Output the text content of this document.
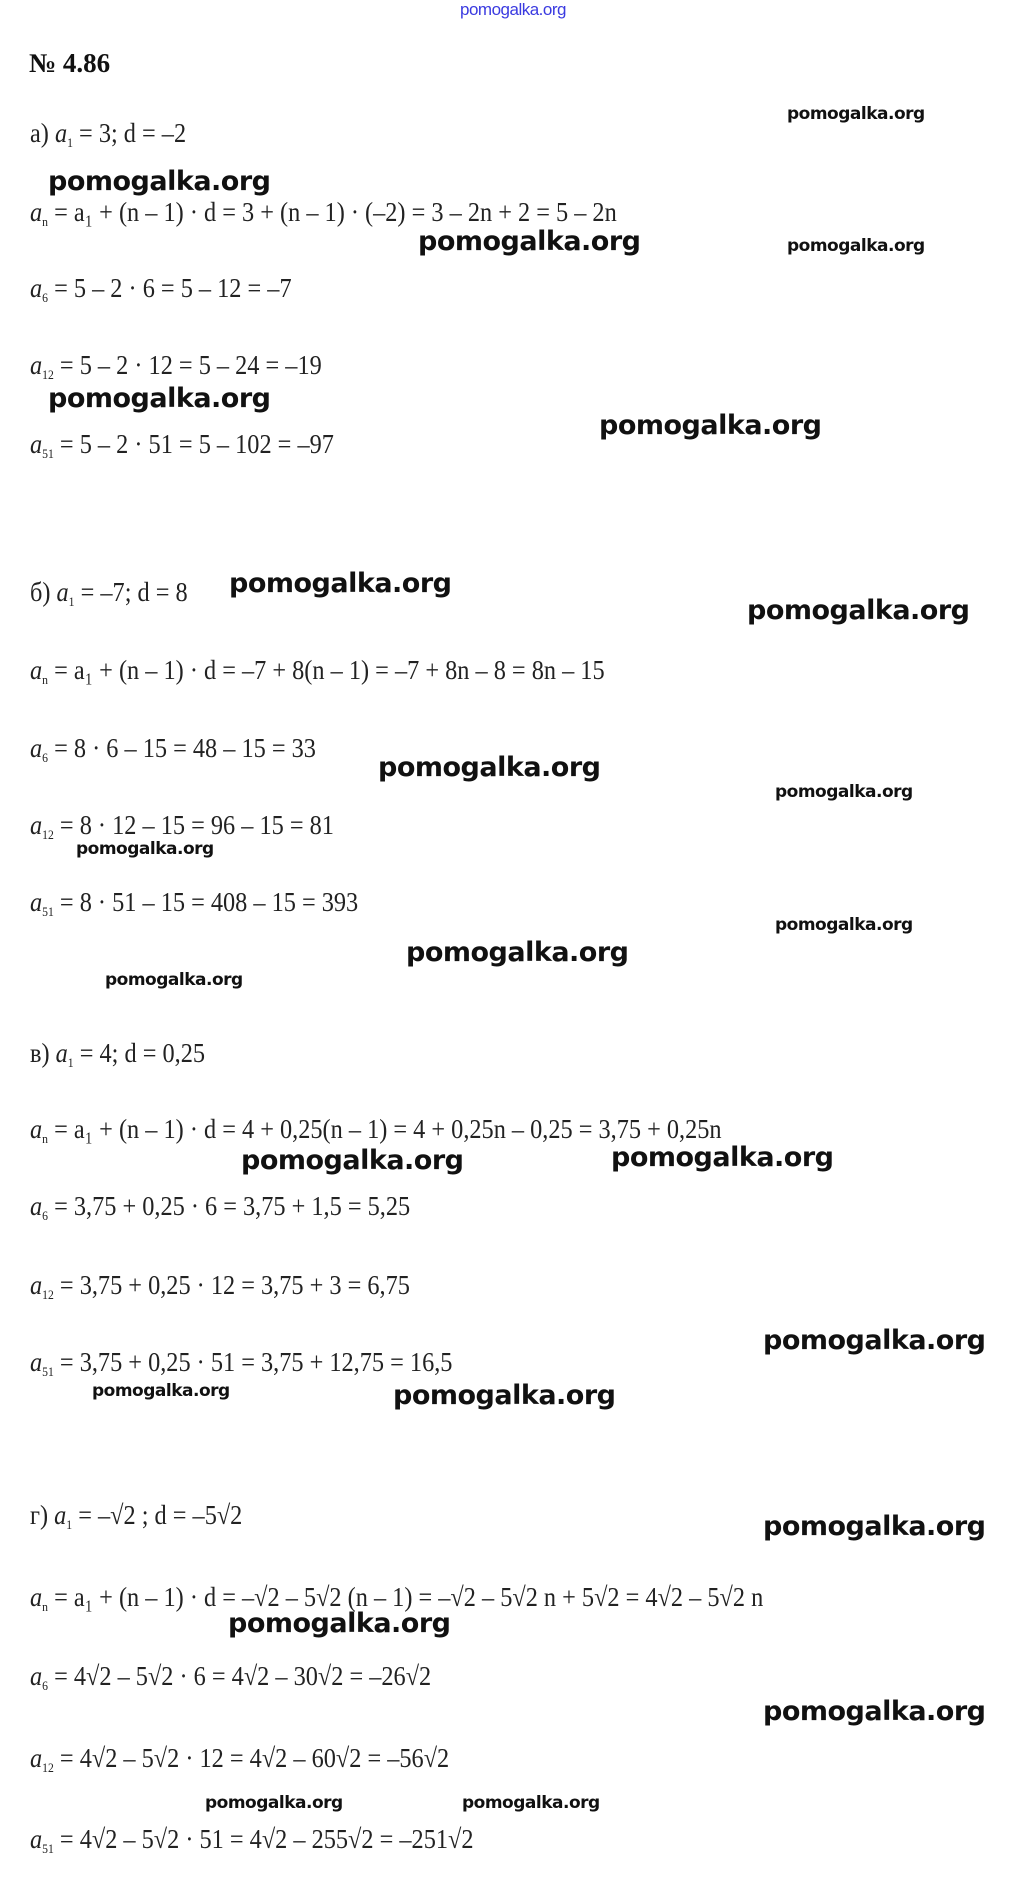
pomogalka.org
№ 4.86
а) $a_1 = 3$; d = –2
$a_n = a_1 + (n - 1) \cdot d = 3 + (n - 1) \cdot (-2) = 3 - 2n + 2 = 5 - 2n$
$a_6 = 5 - 2 \cdot 6 = 5 - 12 = -7$
$a_{12} = 5 - 2 \cdot 12 = 5 - 24 = -19$
$a_{51} = 5 - 2 \cdot 51 = 5 - 102 = -97$
б) $a_1 = -7$; d = 8
$a_n = a_1 + (n - 1) \cdot d = -7 + 8(n - 1) = -7 + 8n - 8 = 8n - 15$
$a_6 = 8 \cdot 6 - 15 = 48 - 15 = 33$
$a_{12} = 8 \cdot 12 - 15 = 96 - 15 = 81$
$a_{51} = 8 \cdot 51 - 15 = 408 - 15 = 393$
в) $a_1 = 4$; d = 0,25
$a_n = a_1 + (n - 1) \cdot d = 4 + 0,25(n - 1) = 4 + 0,25n - 0,25 = 3,75 + 0,25n$
$a_6 = 3,75 + 0,25 \cdot 6 = 3,75 + 1,5 = 5,25$
$a_{12} = 3,75 + 0,25 \cdot 12 = 3,75 + 3 = 6,75$
$a_{51} = 3,75 + 0,25 \cdot 51 = 3,75 + 12,75 = 16,5$
г) $a_1 = -√2$ ; d = –5√2
$a_n = a_1 + (n - 1) \cdot d = -√2 - 5√2$ (n – 1) = –√2 – 5√2 n + 5√2 = 4√2 – 5√2 n
$a_6 = 4√2 - 5√2 \cdot 6 = 4√2 - 30√2 = -26√2$
$a_{12} = 4√2 - 5√2 \cdot 12 = 4√2 - 60√2 = -56√2$
$a_{51} = 4√2 - 5√2 \cdot 51 = 4√2 - 255√2 = -251√2$
pomogalka.org
pomogalka.org
pomogalka.org	pomogalka.org
pomogalka.org
pomogalka.org
pomogalka.org
pomogalka.org
pomogalka.org
pomogalka.org
pomogalka.org
pomogalka.org
pomogalka.org
pomogalka.org
pomogalka.org	pomogalka.org
pomogalka.org
pomogalka.org	pomogalka.org
pomogalka.org
pomogalka.org
pomogalka.org
pomogalka.org	pomogalka.org
